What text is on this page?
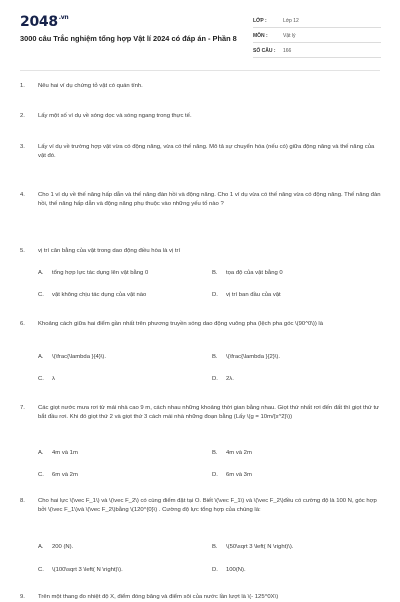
$2048^{.vn}$
3000 câu Trắc nghiệm tổng hợp Vật lí 2024 có đáp án - Phần 8
LỚP :	Lớp 12
MÔN :	Vật lý
SỐ CÂU : 166
1.	Nêu hai ví dụ chứng tỏ vật có quán tính.
2.	Lấy một số ví dụ về sóng dọc và sóng ngang trong thực tế.
3.	Lấy ví dụ về trường hợp vật vừa có động năng, vừa có thế năng. Mô tả sự chuyển hóa (nếu có) giữa động năng và thế năng của vật đó.
4.	Cho 1 ví dụ về thế năng hấp dẫn và thế năng đàn hồi và động năng. Cho 1 ví dụ vừa có thế năng vừa có động năng. Thế năng đàn hồi, thế năng hấp dẫn và động năng phụ thuộc vào những yếu tố nào ?
5.	vị trí cân bằng của vật trong dao động điều hòa là vị trí
A. tổng hợp lực tác dụng lên vật bằng 0	B. tọa độ của vật bằng 0
C. vật không chịu tác dụng của vật nào	D. vị trí ban đầu của vật
6.	Khoảng cách giữa hai điểm gần nhất trên phương truyền sóng dao động vuông pha (lệch pha góc \(90^0\)) là
A. \(\frac{\lambda }{4}\).	B. \(\frac{\lambda }{2}\).
C. λ	D. 2λ.
7.	Các giọt nước mưa rơi từ mái nhà cao 9 m, cách nhau những khoảng thời gian bằng nhau. Giọt thứ nhất rơi đến đất thì giọt thứ tư bắt đầu rơi. Khi đó giọt thứ 2 và giọt thứ 3 cách mái nhà những đoạn bằng (Lấy \(g = 10m/{s^2}\))
A. 4m và 1m	B. 4m và 2m
C. 6m và 2m	D. 6m và 3m
8.	Cho hai lực \(\vec F_1\) và \(\vec F_2\) có cùng điểm đặt tại O. Biết \(\vec F_1\) và \(\vec F_2\)đều có cường độ là 100 N, góc hợp bởi \(\vec F_1\)và \(\vec F_2\)bằng \(120^{0}\) . Cường độ lực tổng hợp của chúng là:
A. 200 (N).	B. \(50\sqrt 3 \left( N \right)\).
C. \(100\sqrt 3 \left( N \right)\).	D. 100(N).
9.	Trên một thang đo nhiệt độ X, điểm đóng băng và điểm sôi của nước lần lượt là \(- 125^0X\)
